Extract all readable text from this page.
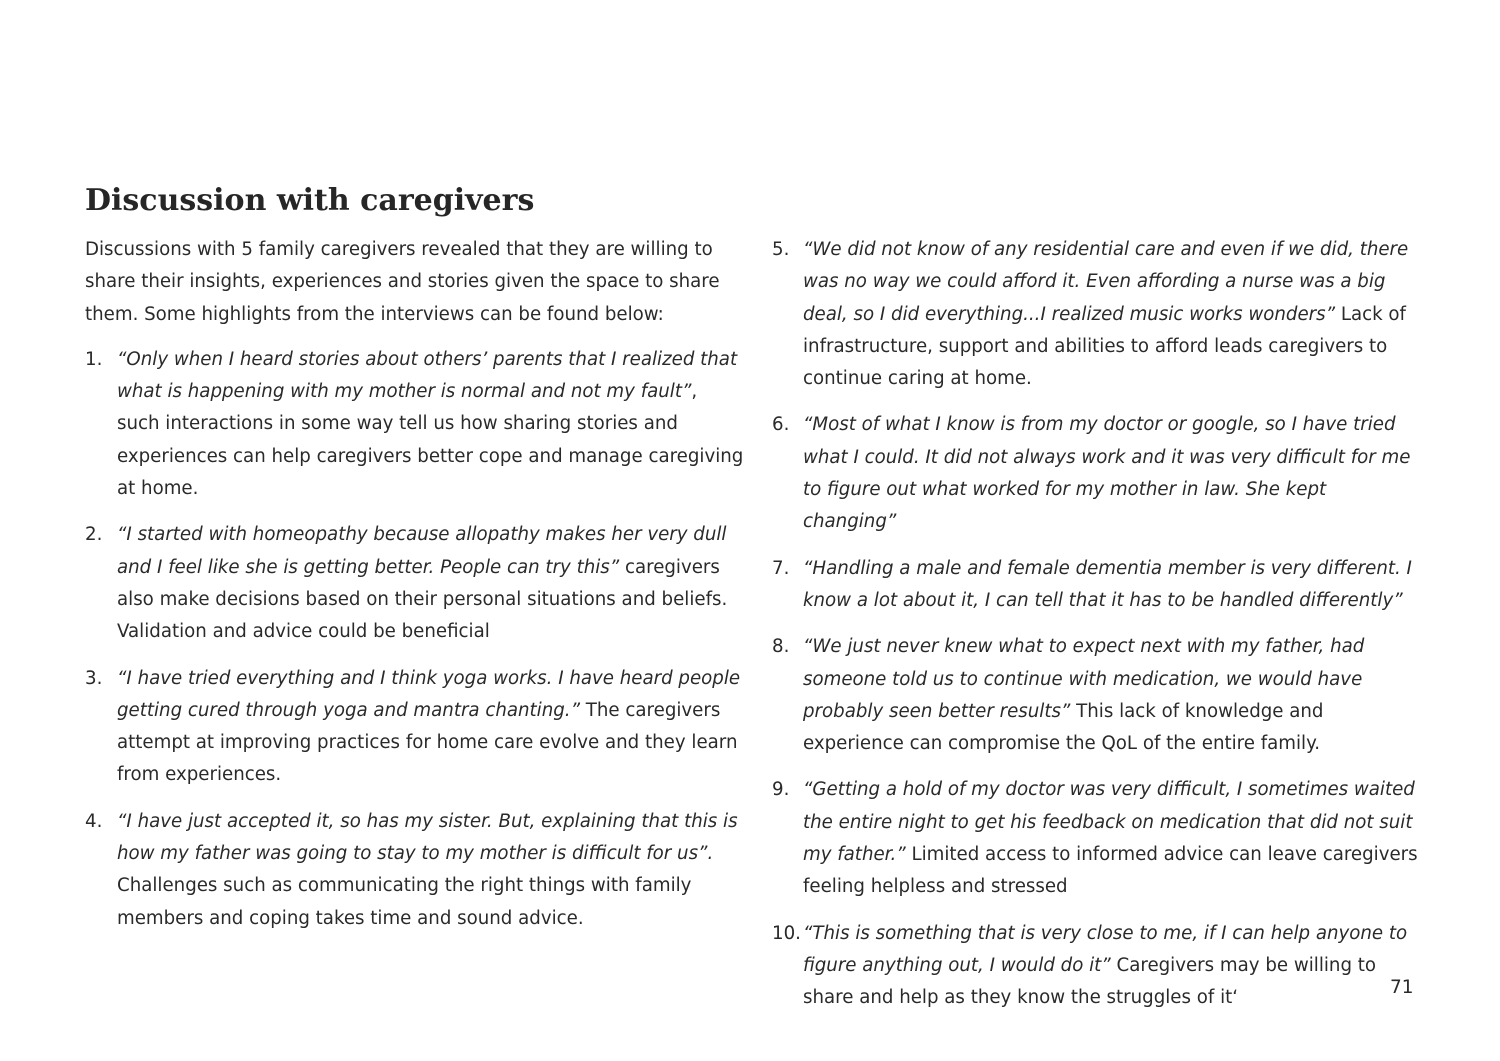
Discussion with caregivers

Discussions with 5 family caregivers revealed that they are willing to share their insights, experiences and stories given the space to share them. Some highlights from the interviews can be found below:

1. “Only when I heard stories about others’ parents that I realized that what is happening with my mother is normal and not my fault”, such interactions in some way tell us how sharing stories and experiences can help caregivers better cope and manage caregiving at home.
2. “I started with homeopathy because allopathy makes her very dull and I feel like she is getting better. People can try this” caregivers also make decisions based on their personal situations and beliefs. Validation and advice could be beneficial
3. “I have tried everything and I think yoga works. I have heard people getting cured through yoga and mantra chanting.” The caregivers attempt at improving practices for home care evolve and they learn from experiences.
4. “I have just accepted it, so has my sister. But, explaining that this is how my father was going to stay to my mother is difficult for us”. Challenges such as communicating the right things with family members and coping takes time and sound advice.
5. “We did not know of any residential care and even if we did, there was no way we could afford it. Even affording a nurse was a big deal, so I did everything...I realized music works wonders” Lack of infrastructure, support and abilities to afford leads caregivers to continue caring at home.
6. “Most of what I know is from my doctor or google, so I have tried what I could. It did not always work and it was very difficult for me to figure out what worked for my mother in law. She kept changing”
7. “Handling a male and female dementia member is very different. I know a lot about it, I can tell that it has to be handled differently”
8. “We just never knew what to expect next with my father, had someone told us to continue with medication, we would have probably seen better results” This lack of knowledge and experience can compromise the QoL of the entire family.
9. “Getting a hold of my doctor was very difficult, I sometimes waited the entire night to get his feedback on medication that did not suit my father.” Limited access to informed advice can leave caregivers feeling helpless and stressed
10. “This is something that is very close to me, if I can help anyone to figure anything out, I would do it” Caregivers may be willing to share and help as they know the struggles of it‘	71
